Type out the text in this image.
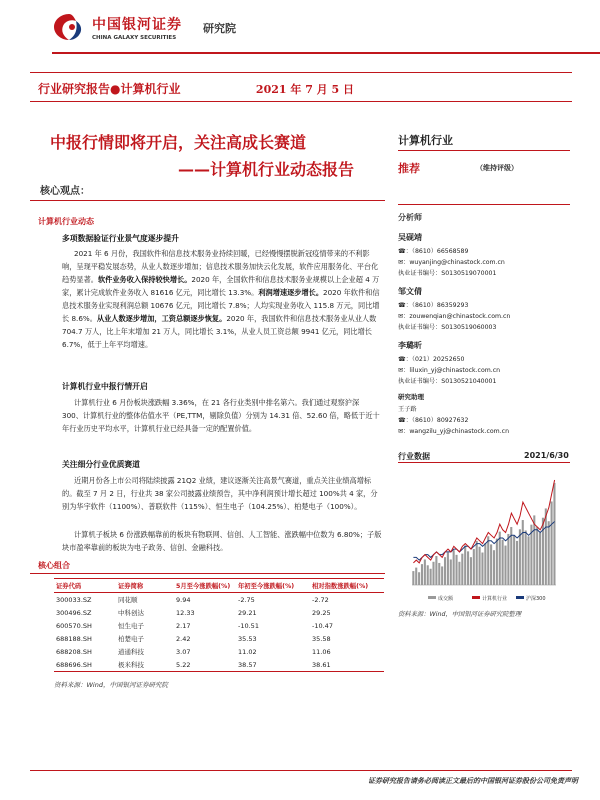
中国银河证券
CHINA GALAXY SECURITIES
研究院
行业研究报告●计算机行业	2021 年 7 月 5 日
中报行情即将开启，关注高成长赛道
——计算机行业动态报告
核心观点：
计算机行业动态
多项数据验证行业景气度逐步提升
2021 年 6 月份，我国软件和信息技术服务业持续回暖，已经慢慢摆脱新冠疫情带来的不利影响，呈现平稳发展态势，从业人数逐步增加；信息技术服务加快云化发展，软件应用服务化、平台化趋势显著。软件业务收入保持较快增长。2020 年，全国软件和信息技术服务业规模以上企业超 4 万家，累计完成软件业务收入 81616 亿元，同比增长 13.3%。利润增速逐步增长。2020 年软件和信息技术服务业实现利润总额 10676 亿元，同比增长 7.8%；人均实现业务收入 115.8 万元，同比增长 8.6%。从业人数逐步增加，工资总额逐步恢复。2020 年，我国软件和信息技术服务业从业人数 704.7 万人，比上年末增加 21 万人，同比增长 3.1%，从业人员工资总额 9941 亿元，同比增长 6.7%，低于上年平均增速。
计算机行业中报行情开启
计算机行业 6 月份板块涨跌幅 3.36%，在 21 各行业类别中排名第六。我们通过观察沪深 300、计算机行业的整体估值水平（PE,TTM，剔除负值）分别为 14.31 倍、52.60 倍，略低于近十年行业历史平均水平，计算机行业已经具备一定的配置价值。
关注细分行业优质赛道
近期月份各上市公司将陆续披露 21Q2 业绩，建议逐渐关注高景气赛道，重点关注业绩高增标的。截至 7 月 2 日，行业共 38 家公司披露业绩预告，其中净利润预计增长超过 100%共 4 家，分别为华宇软件（1100%）、普联软件（115%）、恒生电子（104.25%）、柏楚电子（100%）。
计算机子板块 6 份涨跌幅靠前的板块有物联网、信创、人工智能、涨跌幅中位数为 6.80%；子版块市盈率靠前的板块为电子政务、信创、金融科技。
核心组合
证券代码	证券简称	5月至今涨跌幅(%)	年初至今涨跌幅(%)	相对指数涨跌幅(%)
300033.SZ	同花顺	9.94	-2.75	-2.72
300496.SZ	中科创达	12.33	29.21	29.25
600570.SH	恒生电子	2.17	-10.51	-10.47
688188.SH	柏楚电子	2.42	35.53	35.58
688208.SH	道通科技	3.07	11.02	11.06
688696.SH	极米科技	5.22	38.57	38.61
资料来源：Wind，中国银河证券研究院
计算机行业
推荐	（维持评级）
分析师
吴砚靖
☎：（8610）66568589
✉：wuyanjing@chinastock.com.cn
执业证书编号：S0130519070001
邹文倩
☎：（8610）86359293
✉：zouwenqian@chinastock.com.cn
执业证书编号：S0130519060003
李璐昕
☎：（021）20252650
✉：liluxin_yj@chinastock.com.cn
执业证书编号：S0130521040001
研究助理
王子路
☎：（8610）80927632
✉：wangzilu_yj@chinastock.com.cn
行业数据	2021/6/30
成交额	计算机行业	沪深300
资料来源：Wind，中国银河证券研究院整理
证券研究报告请务必阅读正文最后的中国银河证券股份公司免责声明
